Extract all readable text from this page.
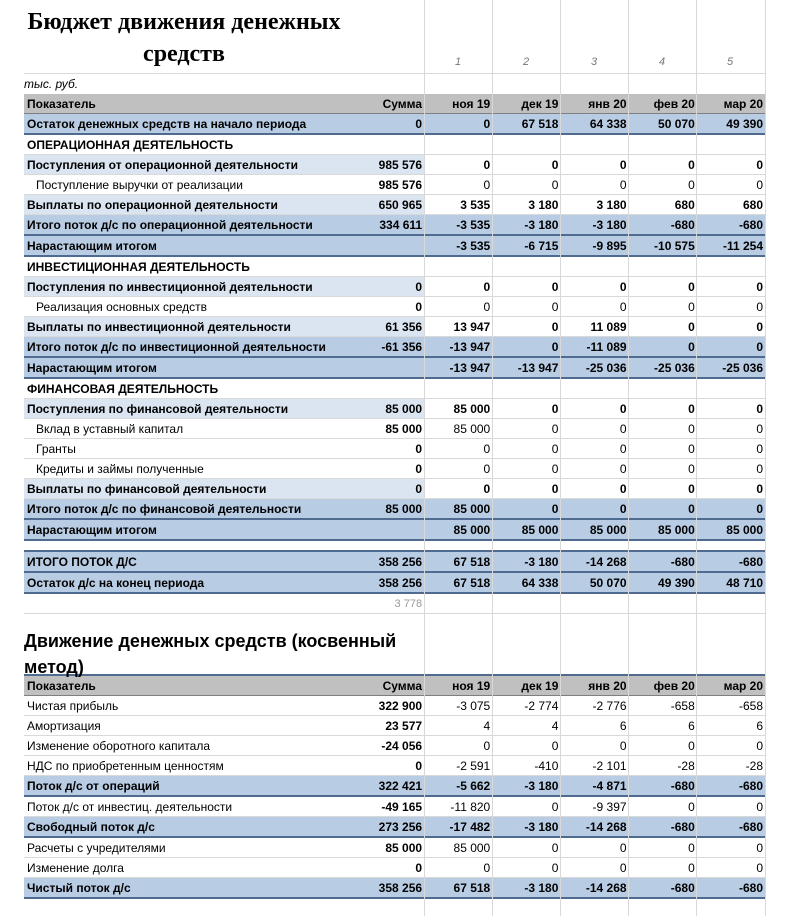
Бюджет движения денежных средств	1	2	3	4	5
тыс. руб.
Показатель	Сумма	ноя 19	дек 19	янв 20	фев 20	мар 20
Остаток денежных средств на начало периода	0	0	67 518	64 338	50 070	49 390
ОПЕРАЦИОННАЯ ДЕЯТЕЛЬНОСТЬ						
Поступления от операционной деятельности	985 576	0	0	0	0	0
Поступление выручки от реализации	985 576	0	0	0	0	0
Выплаты по операционной деятельности	650 965	3 535	3 180	3 180	680	680
Итого поток д/с по операционной деятельности	334 611	-3 535	-3 180	-3 180	-680	-680
Нарастающим итогом		-3 535	-6 715	-9 895	-10 575	-11 254
ИНВЕСТИЦИОННАЯ ДЕЯТЕЛЬНОСТЬ						
Поступления по инвестиционной деятельности	0	0	0	0	0	0
Реализация основных средств	0	0	0	0	0	0
Выплаты по инвестиционной деятельности	61 356	13 947	0	11 089	0	0
Итого поток д/с по инвестиционной деятельности	-61 356	-13 947	0	-11 089	0	0
Нарастающим итогом		-13 947	-13 947	-25 036	-25 036	-25 036
ФИНАНСОВАЯ ДЕЯТЕЛЬНОСТЬ						
Поступления по финансовой деятельности	85 000	85 000	0	0	0	0
Вклад в уставный капитал	85 000	85 000	0	0	0	0
Гранты	0	0	0	0	0	0
Кредиты и займы полученные	0	0	0	0	0	0
Выплаты по финансовой деятельности	0	0	0	0	0	0
Итого поток д/с по финансовой деятельности	85 000	85 000	0	0	0	0
Нарастающим итогом		85 000	85 000	85 000	85 000	85 000

ИТОГО ПОТОК Д/С	358 256	67 518	-3 180	-14 268	-680	-680
Остаток д/с на конец периода	358 256	67 518	64 338	50 070	49 390	48 710
	3 778					
Движение денежных средств (косвенный метод)
Показатель	Сумма	ноя 19	дек 19	янв 20	фев 20	мар 20
Чистая прибыль	322 900	-3 075	-2 774	-2 776	-658	-658
Амортизация	23 577	4	4	6	6	6
Изменение оборотного капитала	-24 056	0	0	0	0	0
НДС по приобретенным ценностям	0	-2 591	-410	-2 101	-28	-28
Поток д/с от операций	322 421	-5 662	-3 180	-4 871	-680	-680
Поток д/с от инвестиц. деятельности	-49 165	-11 820	0	-9 397	0	0
Свободный поток д/с	273 256	-17 482	-3 180	-14 268	-680	-680
Расчеты с учредителями	85 000	85 000	0	0	0	0
Изменение долга	0	0	0	0	0	0
Чистый поток д/с	358 256	67 518	-3 180	-14 268	-680	-680
